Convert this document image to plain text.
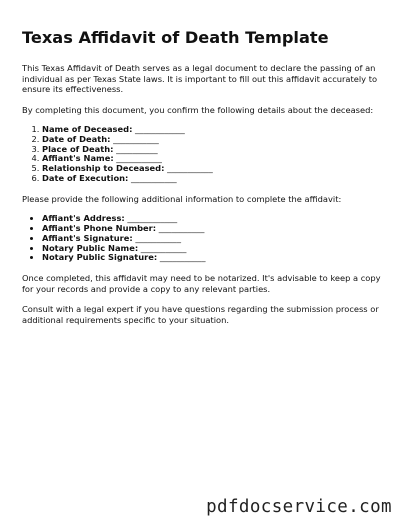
Texas Affidavit of Death Template

This Texas Affidavit of Death serves as a legal document to declare the passing of an individual as per Texas State laws. It is important to fill out this affidavit accurately to ensure its effectiveness.

By completing this document, you confirm the following details about the deceased:

1. Name of Deceased: ____________
2. Date of Death: ___________
3. Place of Death: __________
4. Affiant's Name: ___________
5. Relationship to Deceased: ___________
6. Date of Execution: ___________

Please provide the following additional information to complete the affidavit:

• Affiant's Address: ____________
• Affiant's Phone Number: ___________
• Affiant's Signature: ___________
• Notary Public Name: ___________
• Notary Public Signature: ___________

Once completed, this affidavit may need to be notarized. It's advisable to keep a copy for your records and provide a copy to any relevant parties.

Consult with a legal expert if you have questions regarding the submission process or additional requirements specific to your situation.

pdfdocservice.com
